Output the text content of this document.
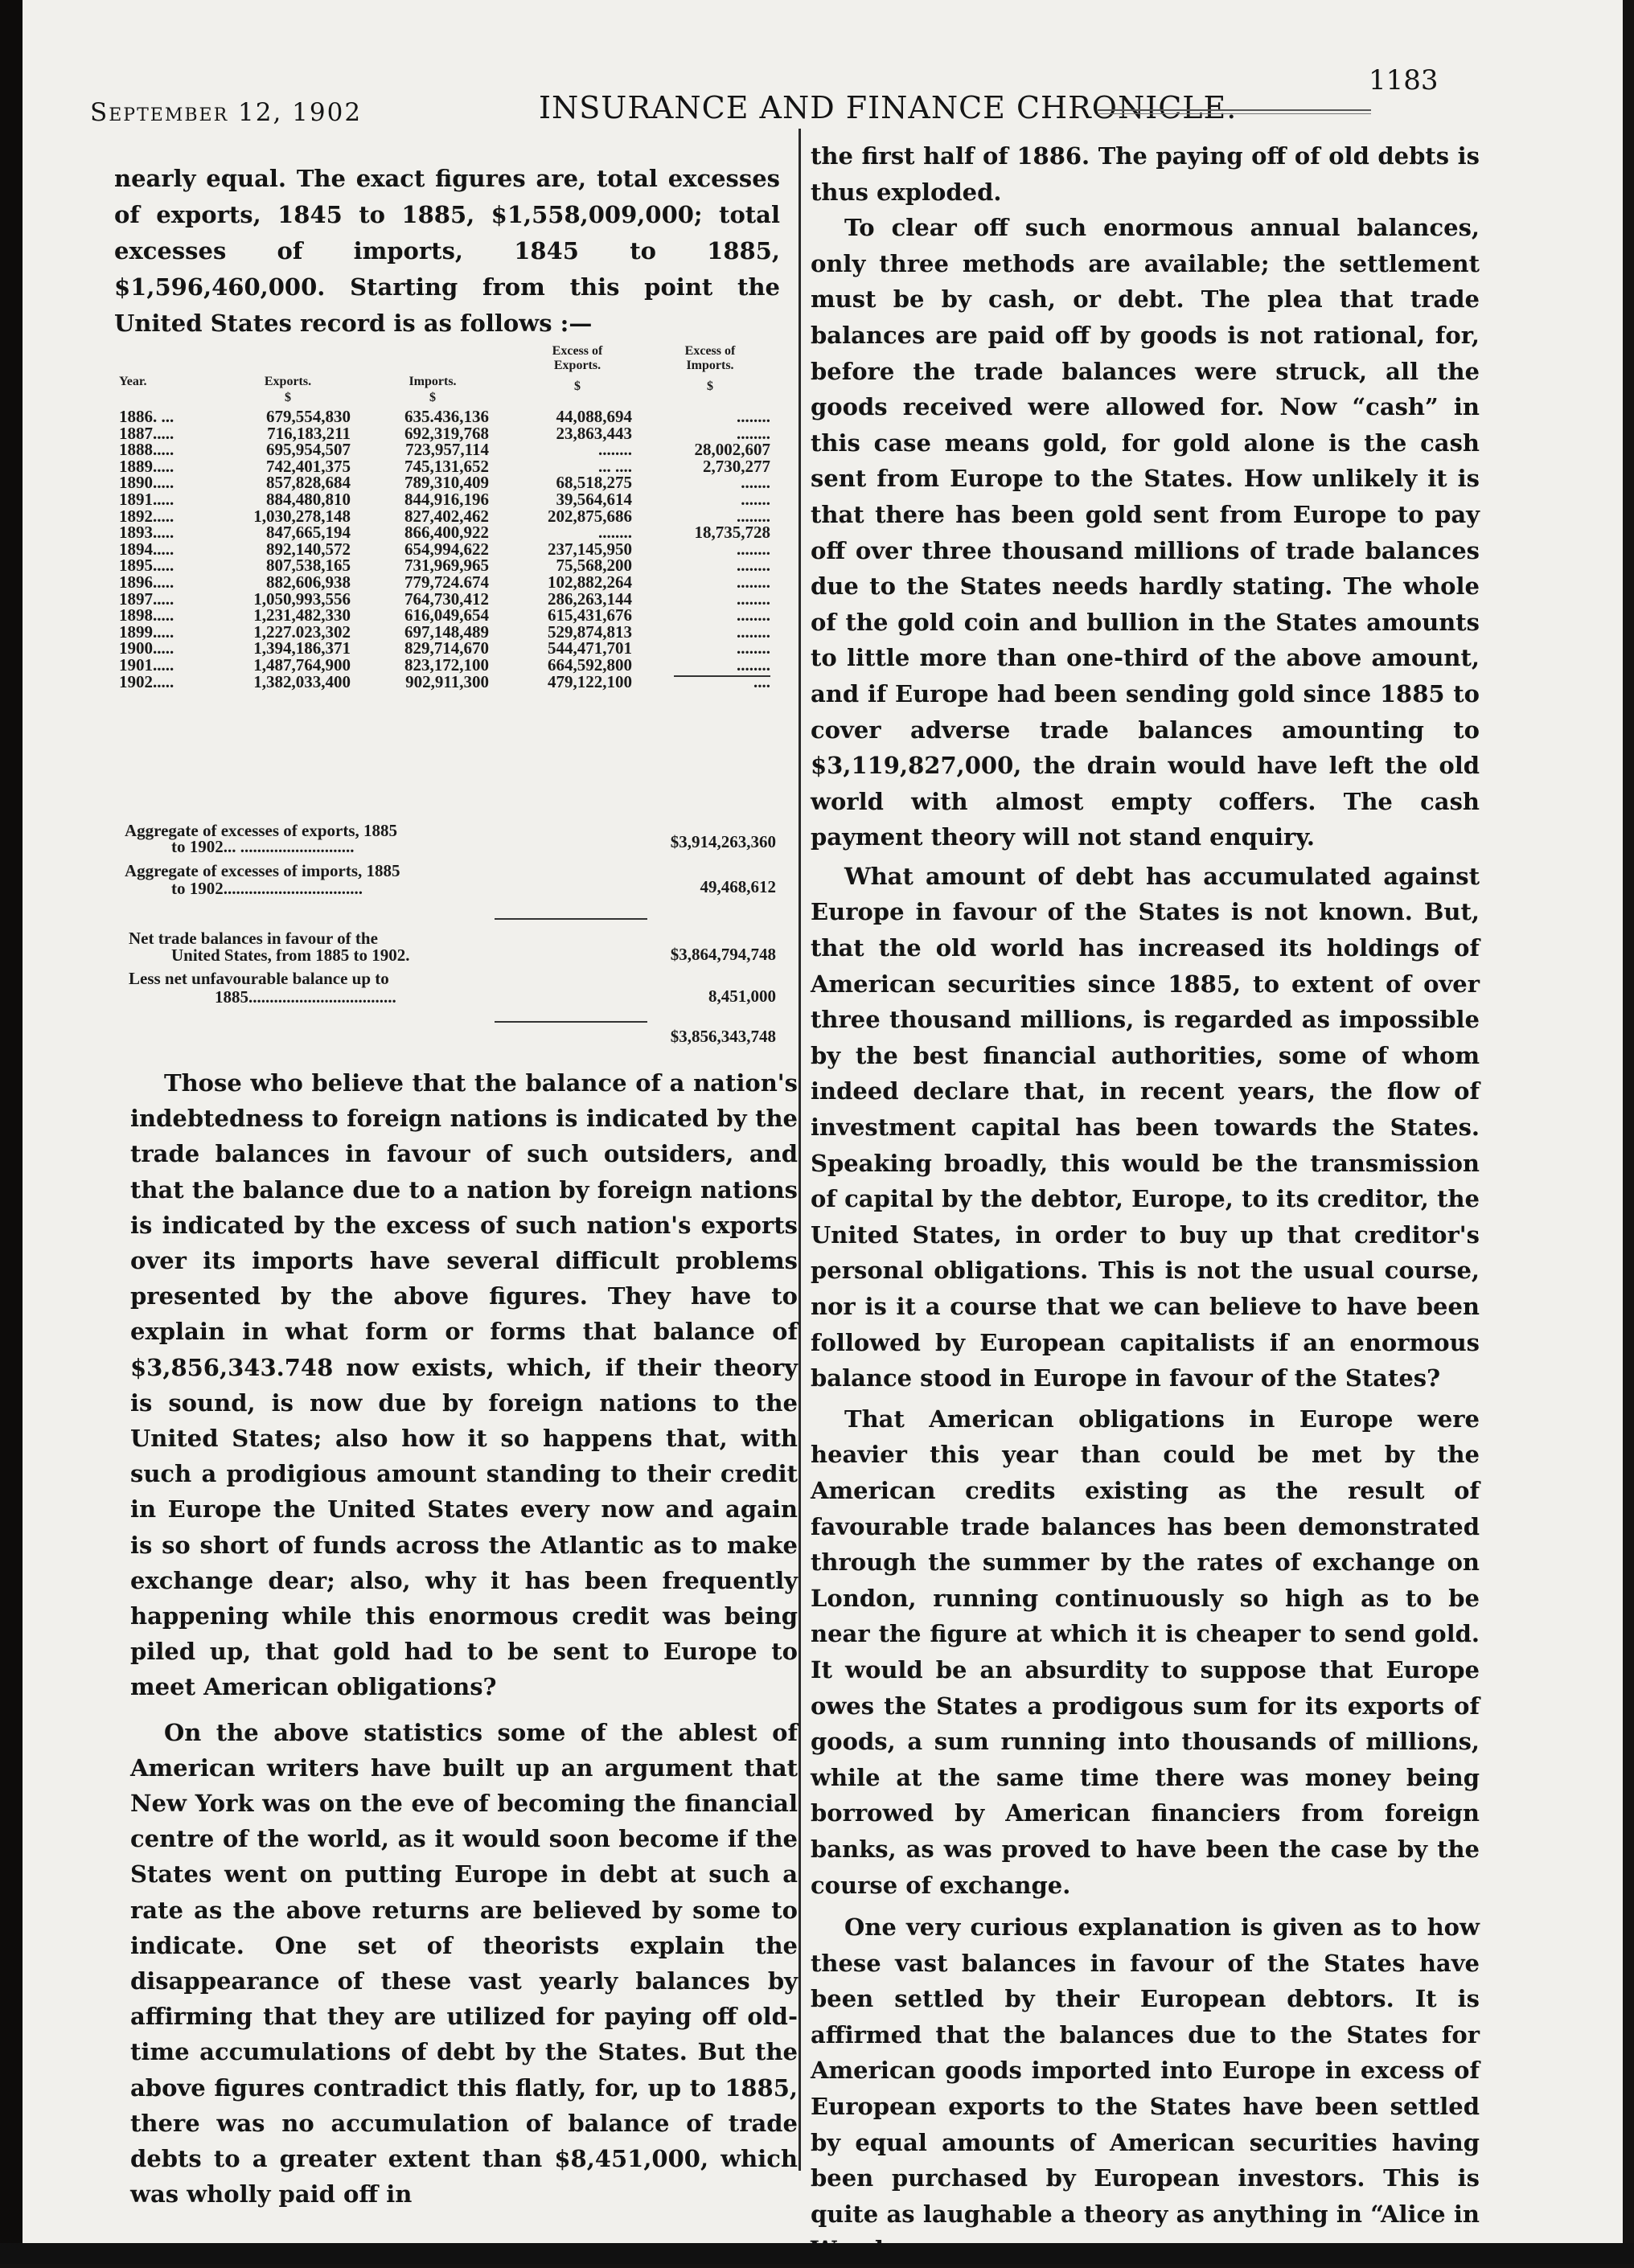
September 12, 1902	INSURANCE AND FINANCE CHRONICLE.
1183

nearly equal. The exact figures are, total excesses of exports, 1845 to 1885, $1,558,009,000; total excesses of imports, 1845 to 1885, $1,596,460,000. Starting from this point the United States record is as follows :—

Year.	Exports.	Imports.
Excess of Exports.
Excess of Imports.
$	$
$	$
1886. ...	679,554,830	635.436,136	44,088,694	........
1887.....	716,183,211	692,319,768	23,863,443	........
1888.....	695,954,507	723,957,114	........	28,002,607
1889.....	742,401,375	745,131,652	... ....	2,730,277
1890.....	857,828,684	789,310,409	68,518,275	.......
1891.....	884,480,810	844,916,196	39,564,614	.......
1892.....	1,030,278,148	827,402,462	202,875,686	........
1893.....	847,665,194	866,400,922	........	18,735,728
1894.....	892,140,572	654,994,622	237,145,950	........
1895.....	807,538,165	731,969,965	75,568,200	........
1896.....	882,606,938	779,724.674	102,882,264	........
1897.....	1,050,993,556	764,730,412	286,263,144	........
1898.....	1,231,482,330	616,049,654	615,431,676	........
1899.....	1,227.023,302	697,148,489	529,874,813	........
1900.....	1,394,186,371	829,714,670	544,471,701	........
1901.....	1,487,764,900	823,172,100	664,592,800	........
1902.....	1,382,033,400	902,911,300	479,122,100	....
Aggregate of excesses of exports, 1885
to 1902... ...........................	$3,914,263,360
Aggregate of excesses of imports, 1885
to 1902.................................	49,468,612
Net trade balances in favour of the
United States, from 1885 to 1902.	$3,864,794,748
Less net unfavourable balance up to
1885...................................	8,451,000
$3,856,343,748

Those who believe that the balance of a nation's indebtedness to foreign nations is indicated by the trade balances in favour of such outsiders, and that the balance due to a nation by foreign nations is indicated by the excess of such nation's exports over its imports have several difficult problems presented by the above figures. They have to explain in what form or forms that balance of $3,856,343.748 now exists, which, if their theory is sound, is now due by foreign nations to the United States; also how it so happens that, with such a prodigious amount standing to their credit in Europe the United States every now and again is so short of funds across the Atlantic as to make exchange dear; also, why it has been frequently happening while this enormous credit was being piled up, that gold had to be sent to Europe to meet American obligations?

On the above statistics some of the ablest of American writers have built up an argument that New York was on the eve of becoming the financial centre of the world, as it would soon become if the States went on putting Europe in debt at such a rate as the above returns are believed by some to indicate. One set of theorists explain the disappearance of these vast yearly balances by affirming that they are utilized for paying off old-time accumulations of debt by the States. But the above figures contradict this flatly, for, up to 1885, there was no accumulation of balance of trade debts to a greater extent than $8,451,000, which was wholly paid off in

the first half of 1886. The paying off of old debts is thus exploded.

To clear off such enormous annual balances, only three methods are available; the settlement must be by cash, or debt. The plea that trade balances are paid off by goods is not rational, for, before the trade balances were struck, all the goods received were allowed for. Now “cash” in this case means gold, for gold alone is the cash sent from Europe to the States. How unlikely it is that there has been gold sent from Europe to pay off over three thousand millions of trade balances due to the States needs hardly stating. The whole of the gold coin and bullion in the States amounts to little more than one-third of the above amount, and if Europe had been sending gold since 1885 to cover adverse trade balances amounting to $3,119,827,000, the drain would have left the old world with almost empty coffers. The cash payment theory will not stand enquiry.

What amount of debt has accumulated against Europe in favour of the States is not known. But, that the old world has increased its holdings of American securities since 1885, to extent of over three thousand millions, is regarded as impossible by the best financial authorities, some of whom indeed declare that, in recent years, the flow of investment capital has been towards the States. Speaking broadly, this would be the transmission of capital by the debtor, Europe, to its creditor, the United States, in order to buy up that creditor's personal obligations. This is not the usual course, nor is it a course that we can believe to have been followed by European capitalists if an enormous balance stood in Europe in favour of the States?

That American obligations in Europe were heavier this year than could be met by the American credits existing as the result of favourable trade balances has been demonstrated through the summer by the rates of exchange on London, running continuously so high as to be near the figure at which it is cheaper to send gold. It would be an absurdity to suppose that Europe owes the States a prodigous sum for its exports of goods, a sum running into thousands of millions, while at the same time there was money being borrowed by American financiers from foreign banks, as was proved to have been the case by the course of exchange.

One very curious explanation is given as to how these vast balances in favour of the States have been settled by their European debtors. It is affirmed that the balances due to the States for American goods imported into Europe in excess of European exports to the States have been settled by equal amounts of American securities having been purchased by European investors. This is quite as laughable a theory as anything in “Alice in
